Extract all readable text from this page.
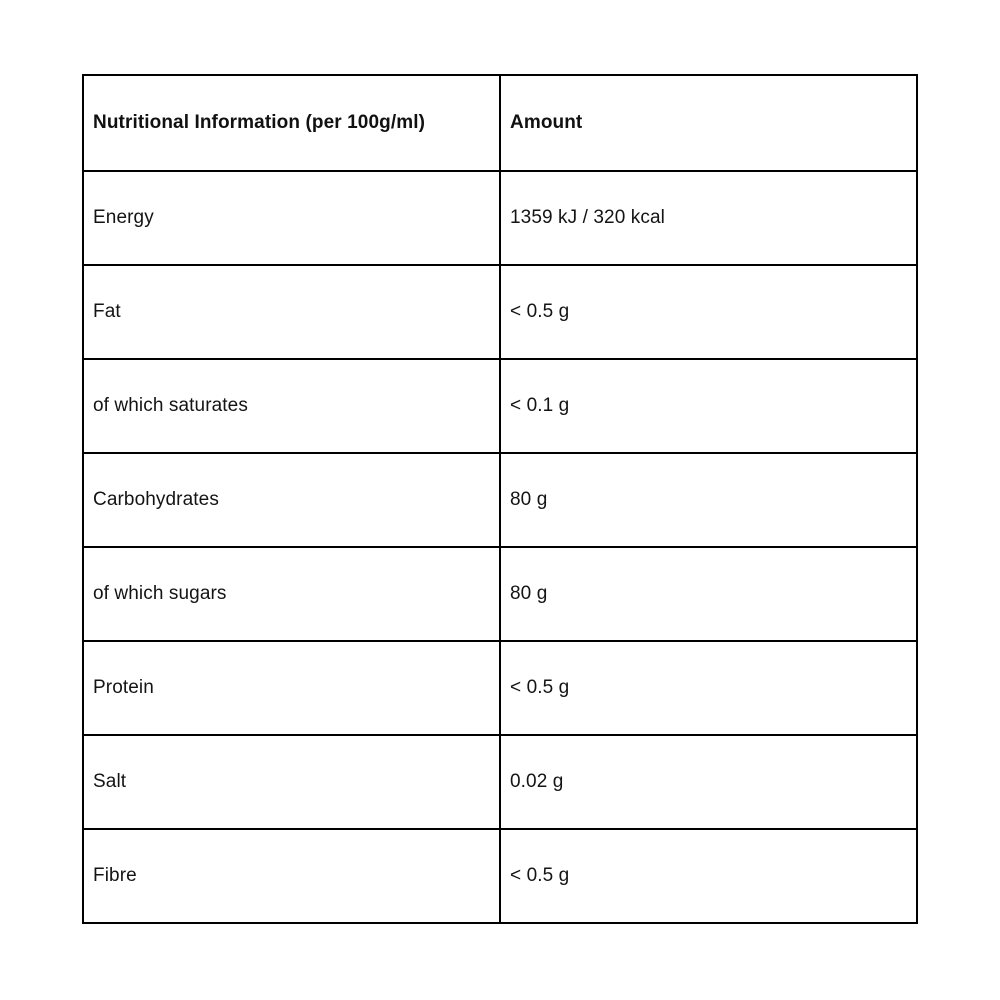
Nutritional Information (per 100g/ml)	Amount
Energy	1359 kJ / 320 kcal
Fat	< 0.5 g
of which saturates	< 0.1 g
Carbohydrates	80 g
of which sugars	80 g
Protein	< 0.5 g
Salt	0.02 g
Fibre	< 0.5 g
